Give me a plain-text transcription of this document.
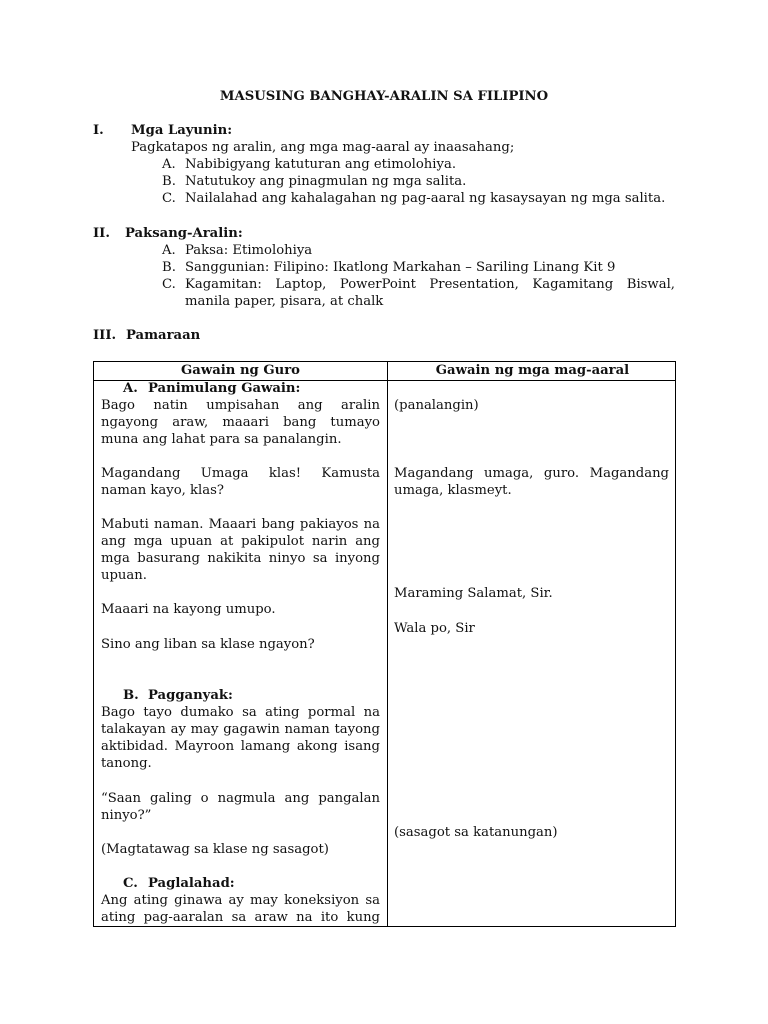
MASUSING BANGHAY-ARALIN SA FILIPINO
I. Mga Layunin:
Pagkatapos ng aralin, ang mga mag-aaral ay inaasahang;
A. Nabibigyang katuturan ang etimolohiya.
B. Natutukoy ang pinagmulan ng mga salita.
C. Nailalahad ang kahalagahan ng pag-aaral ng kasaysayan ng mga salita.
II. Paksang-Aralin:
A. Paksa: Etimolohiya
B. Sanggunian: Filipino: Ikatlong Markahan – Sariling Linang Kit 9
C. Kagamitan: Laptop, PowerPoint Presentation, Kagamitang Biswal, manila paper, pisara, at chalk
III. Pamaraan
Gawain ng Guro	Gawain ng mga mag-aaral
A. Panimulang Gawain:
Bago natin umpisahan ang aralin ngayong araw, maaari bang tumayo muna ang lahat para sa panalangin.
Magandang Umaga klas! Kamusta naman kayo, klas?
Mabuti naman. Maaari bang pakiayos na ang mga upuan at pakipulot narin ang mga basurang nakikita ninyo sa inyong upuan.
Maaari na kayong umupo.
Sino ang liban sa klase ngayon?
B. Pagganyak:
Bago tayo dumako sa ating pormal na talakayan ay may gagawin naman tayong aktibidad. Mayroon lamang akong isang tanong.
“Saan galing o nagmula ang pangalan ninyo?”
(Magtatawag sa klase ng sasagot)
C. Paglalahad:
Ang ating ginawa ay may koneksiyon sa ating pag-aaralan sa araw na ito kung
(panalangin)
Magandang umaga, guro. Magandang umaga, klasmeyt.
Maraming Salamat, Sir.
Wala po, Sir
(sasagot sa katanungan)
